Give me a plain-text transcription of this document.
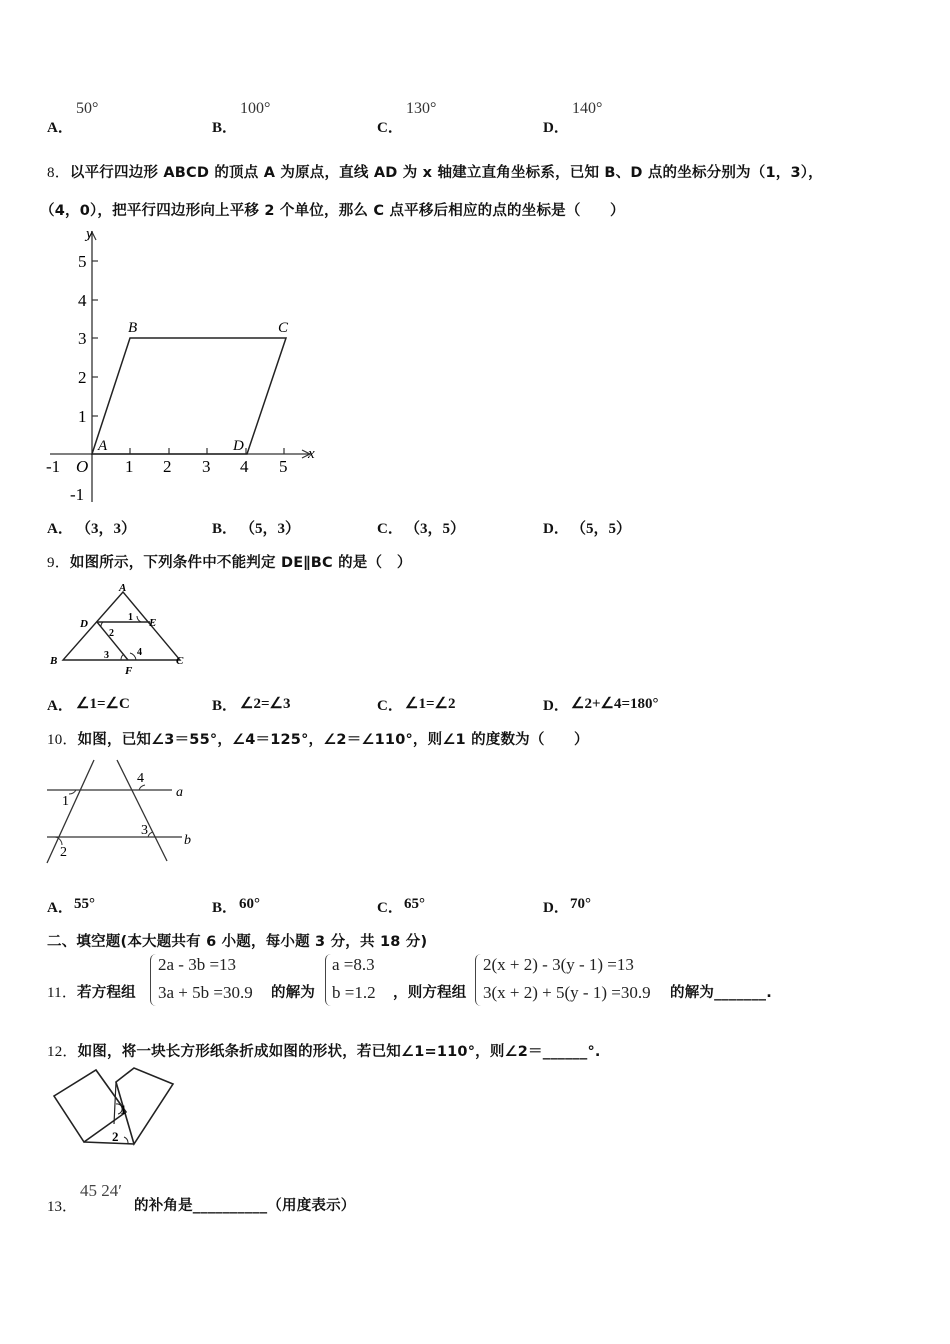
A．
50°
B．
100°
C．
130°
D．
140°
8．以平行四边形 ABCD 的顶点 A 为原点，直线 AD 为 x 轴建立直角坐标系，已知 B、D 点的坐标分别为（1，3），
（4，0），把平行四边形向上平移 2 个单位，那么 C 点平移后相应的点的坐标是（　　）
x
y
-1 O 1 2 3 4 5
5
4
3
2
1
-1
A
B	C
D
A． （3，3）	B． （5，3）	C． （3，5）	D． （5，5）
9．如图所示，下列条件中不能判定 DE∥BC 的是（　）
A
D	E
B	C
F
1
2
3	4
A． ∠1=∠C	B． ∠2=∠3	C． ∠1=∠2	D． ∠2+∠4=180°
10．如图，已知∠3＝55°，∠4＝125°，∠2＝∠110°，则∠1 的度数为（　　）
4
a
1
3
b
2
A． 55°	B． 60°	C． 65°	D． 70°
二、填空题(本大题共有 6 小题，每小题 3 分，共 18 分)
11．若方程组
2a - 3b =13
3a + 5b =30.9 的解为
a =8.3
b =1.2 ，则方程组
2(x + 2) - 3(y - 1) =13
3(x + 2) + 5(y - 1) =30.9 的解为_______.
12．如图，将一块长方形纸条折成如图的形状，若已知∠1=110°，则∠2＝______°.
1
2
13．
45 24′
的补角是__________（用度表示）
